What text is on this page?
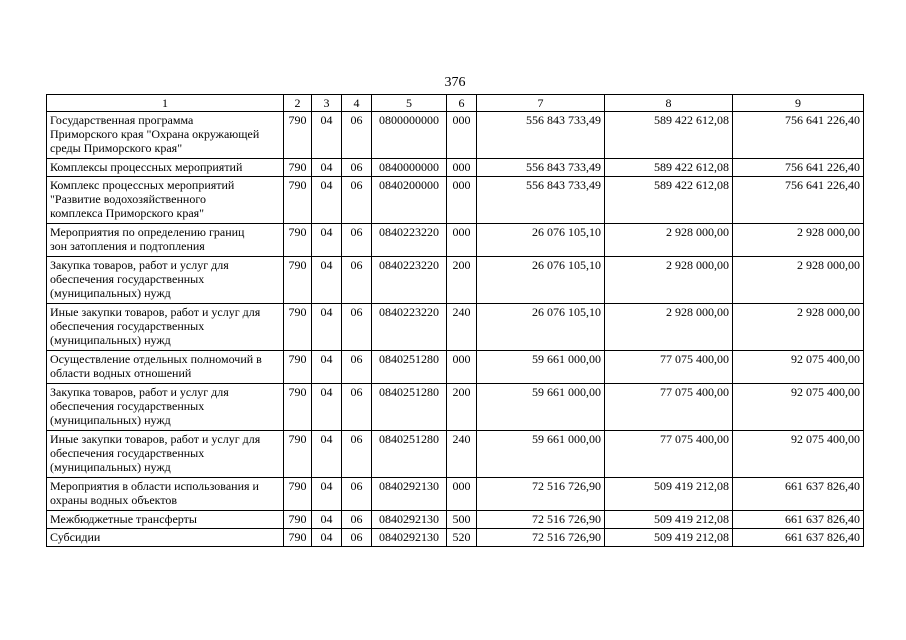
376
1	2	3	4	5	6	7	8	9

Государственная программа
Приморского края "Охрана окружающей
среды Приморского края"	790	04	06	0800000000	000	556 843 733,49	589 422 612,08	756 641 226,40

Комплексы процессных мероприятий	790	04	06	0840000000	000	556 843 733,49	589 422 612,08	756 641 226,40

Комплекс процессных мероприятий
"Развитие водохозяйственного
комплекса Приморского края"	790	04	06	0840200000	000	556 843 733,49	589 422 612,08	756 641 226,40

Мероприятия по определению границ
зон затопления и подтопления	790	04	06	0840223220	000	26 076 105,10	2 928 000,00	2 928 000,00

Закупка товаров, работ и услуг для
обеспечения государственных
(муниципальных) нужд	790	04	06	0840223220	200	26 076 105,10	2 928 000,00	2 928 000,00

Иные закупки товаров, работ и услуг для
обеспечения государственных
(муниципальных) нужд	790	04	06	0840223220	240	26 076 105,10	2 928 000,00	2 928 000,00

Осуществление отдельных полномочий в
области водных отношений	790	04	06	0840251280	000	59 661 000,00	77 075 400,00	92 075 400,00

Закупка товаров, работ и услуг для
обеспечения государственных
(муниципальных) нужд	790	04	06	0840251280	200	59 661 000,00	77 075 400,00	92 075 400,00

Иные закупки товаров, работ и услуг для
обеспечения государственных
(муниципальных) нужд	790	04	06	0840251280	240	59 661 000,00	77 075 400,00	92 075 400,00

Мероприятия в области использования и
охраны водных объектов	790	04	06	0840292130	000	72 516 726,90	509 419 212,08	661 637 826,40

Межбюджетные трансферты	790	04	06	0840292130	500	72 516 726,90	509 419 212,08	661 637 826,40

Субсидии	790	04	06	0840292130	520	72 516 726,90	509 419 212,08	661 637 826,40
